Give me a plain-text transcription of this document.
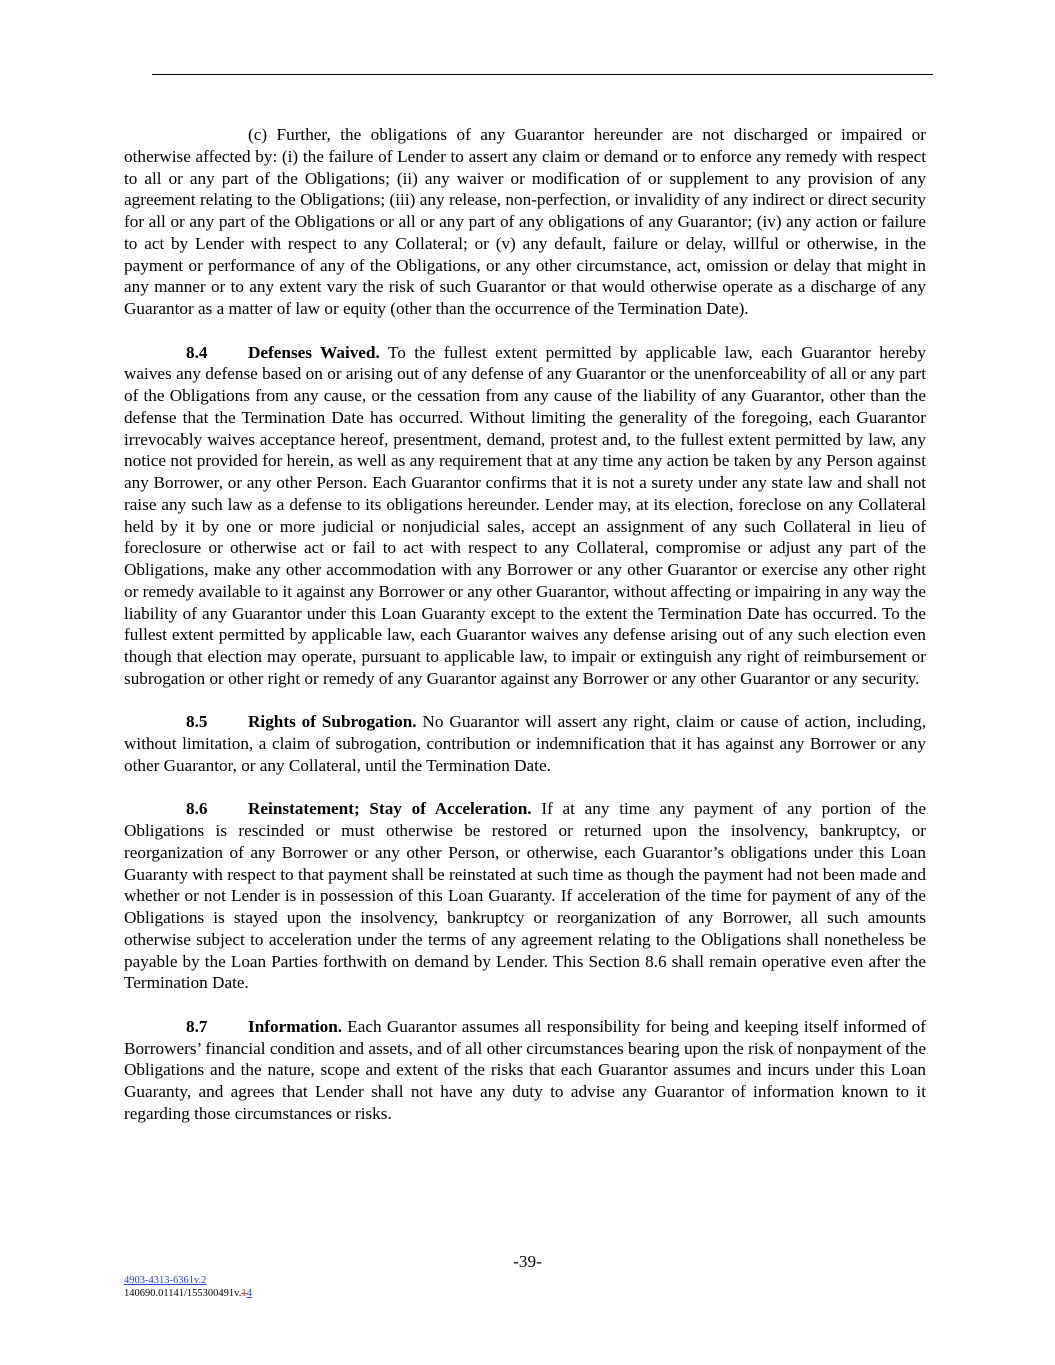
(c) Further, the obligations of any Guarantor hereunder are not discharged or impaired or otherwise affected by: (i) the failure of Lender to assert any claim or demand or to enforce any remedy with respect to all or any part of the Obligations; (ii) any waiver or modification of or supplement to any provision of any agreement relating to the Obligations; (iii) any release, non-perfection, or invalidity of any indirect or direct security for all or any part of the Obligations or all or any part of any obligations of any Guarantor; (iv) any action or failure to act by Lender with respect to any Collateral; or (v) any default, failure or delay, willful or otherwise, in the payment or performance of any of the Obligations, or any other circumstance, act, omission or delay that might in any manner or to any extent vary the risk of such Guarantor or that would otherwise operate as a discharge of any Guarantor as a matter of law or equity (other than the occurrence of the Termination Date).

8.4 Defenses Waived. To the fullest extent permitted by applicable law, each Guarantor hereby waives any defense based on or arising out of any defense of any Guarantor or the unenforceability of all or any part of the Obligations from any cause, or the cessation from any cause of the liability of any Guarantor, other than the defense that the Termination Date has occurred. Without limiting the generality of the foregoing, each Guarantor irrevocably waives acceptance hereof, presentment, demand, protest and, to the fullest extent permitted by law, any notice not provided for herein, as well as any requirement that at any time any action be taken by any Person against any Borrower, or any other Person. Each Guarantor confirms that it is not a surety under any state law and shall not raise any such law as a defense to its obligations hereunder. Lender may, at its election, foreclose on any Collateral held by it by one or more judicial or nonjudicial sales, accept an assignment of any such Collateral in lieu of foreclosure or otherwise act or fail to act with respect to any Collateral, compromise or adjust any part of the Obligations, make any other accommodation with any Borrower or any other Guarantor or exercise any other right or remedy available to it against any Borrower or any other Guarantor, without affecting or impairing in any way the liability of any Guarantor under this Loan Guaranty except to the extent the Termination Date has occurred. To the fullest extent permitted by applicable law, each Guarantor waives any defense arising out of any such election even though that election may operate, pursuant to applicable law, to impair or extinguish any right of reimbursement or subrogation or other right or remedy of any Guarantor against any Borrower or any other Guarantor or any security.

8.5 Rights of Subrogation. No Guarantor will assert any right, claim or cause of action, including, without limitation, a claim of subrogation, contribution or indemnification that it has against any Borrower or any other Guarantor, or any Collateral, until the Termination Date.

8.6 Reinstatement; Stay of Acceleration. If at any time any payment of any portion of the Obligations is rescinded or must otherwise be restored or returned upon the insolvency, bankruptcy, or reorganization of any Borrower or any other Person, or otherwise, each Guarantor’s obligations under this Loan Guaranty with respect to that payment shall be reinstated at such time as though the payment had not been made and whether or not Lender is in possession of this Loan Guaranty. If acceleration of the time for payment of any of the Obligations is stayed upon the insolvency, bankruptcy or reorganization of any Borrower, all such amounts otherwise subject to acceleration under the terms of any agreement relating to the Obligations shall nonetheless be payable by the Loan Parties forthwith on demand by Lender. This Section 8.6 shall remain operative even after the Termination Date.

8.7 Information. Each Guarantor assumes all responsibility for being and keeping itself informed of Borrowers’ financial condition and assets, and of all other circumstances bearing upon the risk of nonpayment of the Obligations and the nature, scope and extent of the risks that each Guarantor assumes and incurs under this Loan Guaranty, and agrees that Lender shall not have any duty to advise any Guarantor of information known to it regarding those circumstances or risks.

-39-
4903-4313-6361v.2
140690.01141/155300491v.14
